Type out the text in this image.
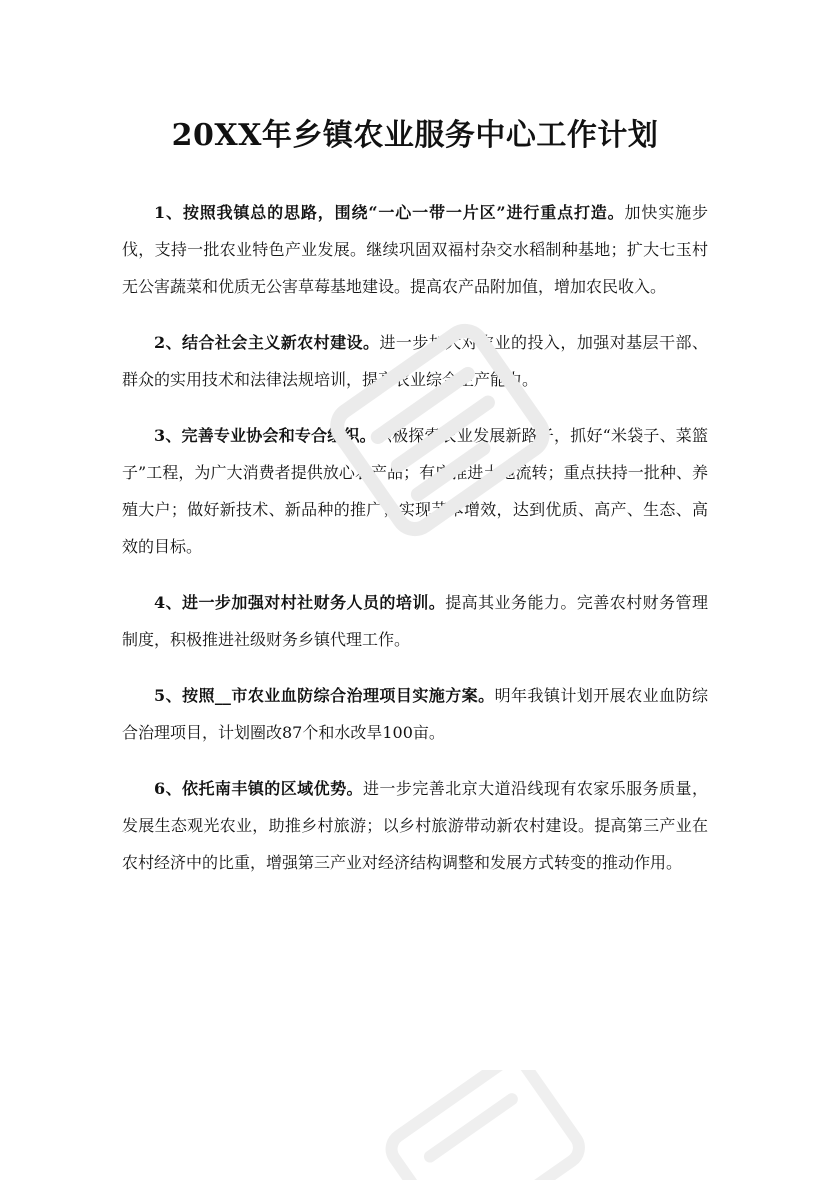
20XX年乡镇农业服务中心工作计划

1、按照我镇总的思路，围绕“一心一带一片区”进行重点打造。加快实施步伐，支持一批农业特色产业发展。继续巩固双福村杂交水稻制种基地；扩大七玉村无公害蔬菜和优质无公害草莓基地建设。提高农产品附加值，增加农民收入。

2、结合社会主义新农村建设。进一步加大对农业的投入，加强对基层干部、群众的实用技术和法律法规培训，提高农业综合生产能力。

3、完善专业协会和专合组织。积极探索农业发展新路子，抓好“米袋子、菜篮子”工程，为广大消费者提供放心农产品；有序推进土地流转；重点扶持一批种、养殖大户；做好新技术、新品种的推广；实现节本增效，达到优质、高产、生态、高效的目标。

4、进一步加强对村社财务人员的培训。提高其业务能力。完善农村财务管理制度，积极推进社级财务乡镇代理工作。

5、按照__市农业血防综合治理项目实施方案。明年我镇计划开展农业血防综合治理项目，计划圈改87个和水改旱100亩。

6、依托南丰镇的区域优势。进一步完善北京大道沿线现有农家乐服务质量，发展生态观光农业，助推乡村旅游；以乡村旅游带动新农村建设。提高第三产业在农村经济中的比重，增强第三产业对经济结构调整和发展方式转变的推动作用。
